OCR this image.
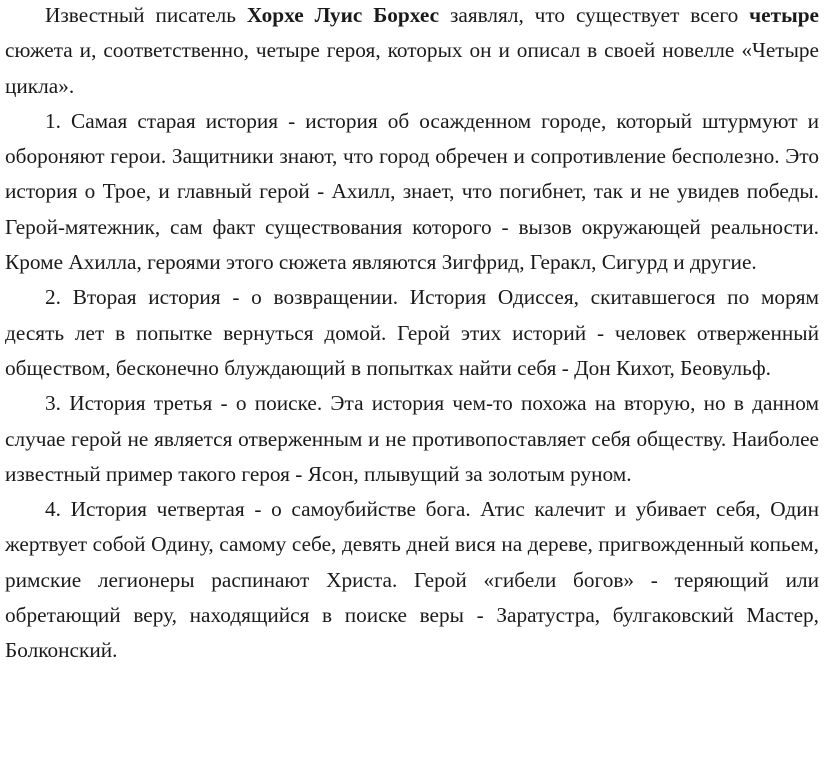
Известный писатель Хорхе Луис Борхес заявлял, что существует всего четыре сюжета и, соответственно, четыре героя, которых он и описал в своей новелле «Четыре цикла».

1. Самая старая история - история об осажденном городе, который штурмуют и обороняют герои. Защитники знают, что город обречен и сопротивление бесполезно. Это история о Трое, и главный герой - Ахилл, знает, что погибнет, так и не увидев победы. Герой-мятежник, сам факт существования которого - вызов окружающей реальности. Кроме Ахилла, героями этого сюжета являются Зигфрид, Геракл, Сигурд и другие.

2. Вторая история - о возвращении. История Одиссея, скитавшегося по морям десять лет в попытке вернуться домой. Герой этих историй - человек отверженный обществом, бесконечно блуждающий в попытках найти себя - Дон Кихот, Беовульф.

3. История третья - о поиске. Эта история чем-то похожа на вторую, но в данном случае герой не является отверженным и не противопоставляет себя обществу. Наиболее известный пример такого героя - Ясон, плывущий за золотым руном.

4. История четвертая - о самоубийстве бога. Атис калечит и убивает себя, Один жертвует собой Одину, самому себе, девять дней вися на дереве, пригвожденный копьем, римские легионеры распинают Христа. Герой «гибели богов» - теряющий или обретающий веру, находящийся в поиске веры - Заратустра, булгаковский Мастер, Болконский.
